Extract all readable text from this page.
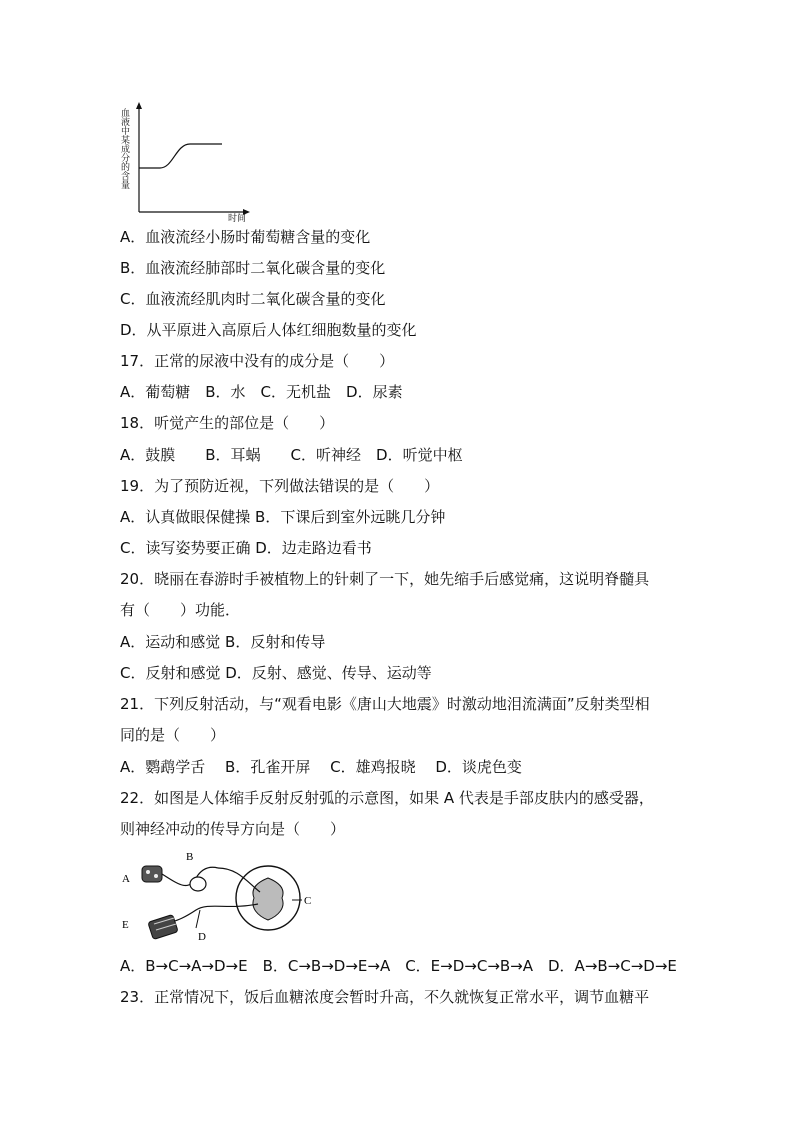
血液中某成分的含量
时间
A．血液流经小肠时葡萄糖含量的变化
B．血液流经肺部时二氧化碳含量的变化
C．血液流经肌肉时二氧化碳含量的变化
D．从平原进入高原后人体红细胞数量的变化
17．正常的尿液中没有的成分是（　　）
A．葡萄糖　B．水　C．无机盐　D．尿素
18．听觉产生的部位是（　　）
A．鼓膜　　B．耳蜗　　C．听神经　D．听觉中枢
19．为了预防近视，下列做法错误的是（　　）
A．认真做眼保健操 B．下课后到室外远眺几分钟
C．读写姿势要正确 D．边走路边看书
20．晓丽在春游时手被植物上的针刺了一下，她先缩手后感觉痛，这说明脊髓具
有（　　）功能．
A．运动和感觉 B．反射和传导
C．反射和感觉 D．反射、感觉、传导、运动等
21．下列反射活动，与“观看电影《唐山大地震》时激动地泪流满面”反射类型相
同的是（　　）
A．鹦鹉学舌　 B．孔雀开屏　 C．雄鸡报晓　 D．谈虎色变
22．如图是人体缩手反射反射弧的示意图，如果 A 代表是手部皮肤内的感受器，
则神经冲动的传导方向是（　　）
A
B
C
E
D
A．B→C→A→D→E　B．C→B→D→E→A　C．E→D→C→B→A　D．A→B→C→D→E
23．正常情况下，饭后血糖浓度会暂时升高，不久就恢复正常水平，调节血糖平
